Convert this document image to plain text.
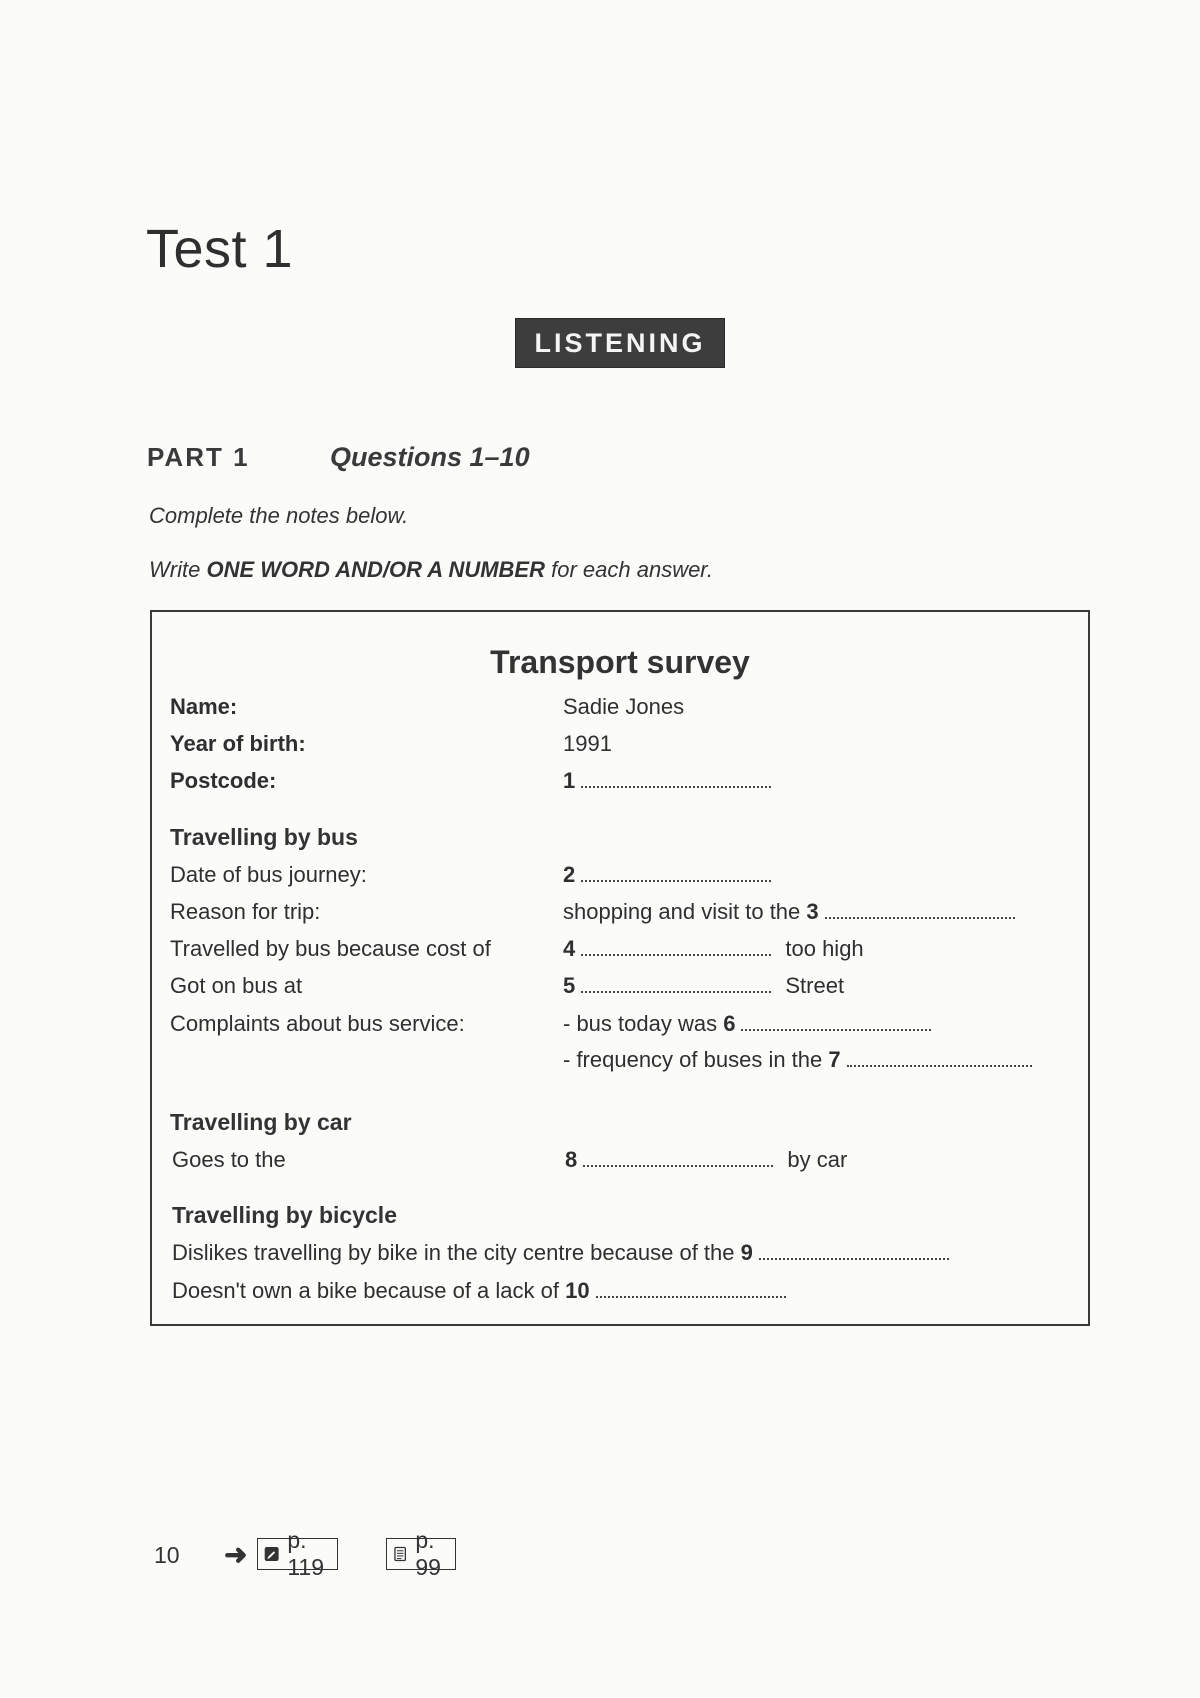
Test 1
LISTENING
PART 1	Questions 1–10
Complete the notes below.
Write ONE WORD AND/OR A NUMBER for each answer.
Transport survey
Name:	Sadie Jones
Year of birth:	1991
Postcode:	1
Travelling by bus
Date of bus journey:	2
Reason for trip:	shopping and visit to the 3
Travelled by bus because cost of	4	too high
Got on bus at	5	Street
Complaints about bus service:	- bus today was 6
- frequency of buses in the 7
Travelling by car
Goes to the	8	by car
Travelling by bicycle
Dislikes travelling by bike in the city centre because of the 9
Doesn't own a bike because of a lack of 10
10 ➜ p. 119
p. 99
